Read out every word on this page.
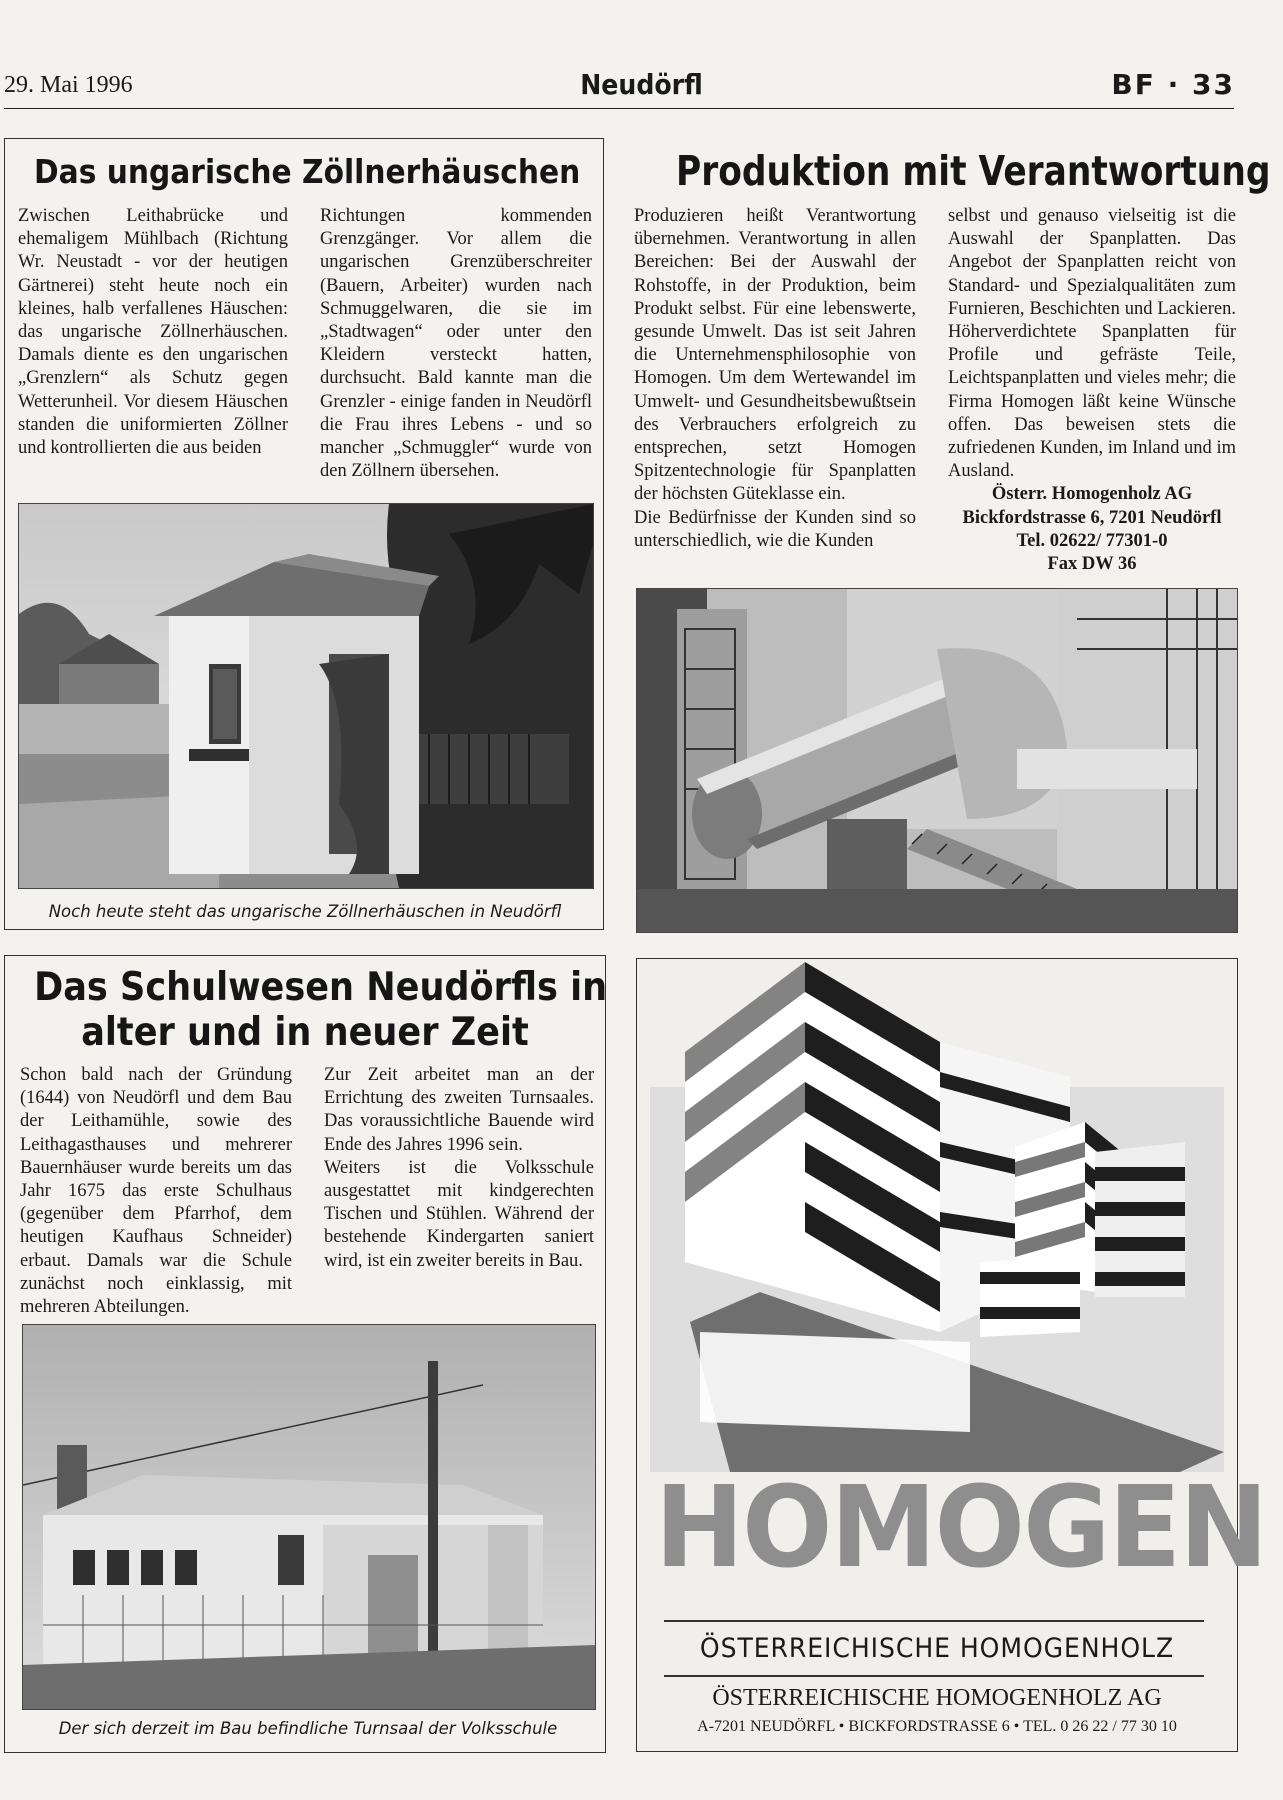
29. Mai 1996	Neudörfl	BF · 33
Das ungarische Zöllnerhäuschen

Zwischen Leithabrücke und ehemaligem Mühlbach (Richtung Wr. Neustadt - vor der heutigen Gärtnerei) steht heute noch ein kleines, halb verfallenes Häuschen: das ungarische Zöllnerhäuschen. Damals diente es den ungarischen „Grenzlern“ als Schutz gegen Wetterunheil. Vor diesem Häuschen standen die uniformierten Zöllner und kontrollierten die aus beiden

Richtungen kommenden Grenzgänger. Vor allem die ungarischen Grenzüberschreiter (Bauern, Arbeiter) wurden nach Schmuggelwaren, die sie im „Stadtwagen“ oder unter den Kleidern versteckt hatten, durchsucht. Bald kannte man die Grenzler - einige fanden in Neudörfl die Frau ihres Lebens - und so mancher „Schmuggler“ wurde von den Zöllnern übersehen.

Noch heute steht das ungarische Zöllnerhäuschen in Neudörfl
Produktion mit Verantwortung

Produzieren heißt Verantwortung übernehmen. Verantwortung in allen Bereichen: Bei der Auswahl der Rohstoffe, in der Produktion, beim Produkt selbst. Für eine lebenswerte, gesunde Umwelt. Das ist seit Jahren die Unternehmensphilosophie von Homogen. Um dem Wertewandel im Umwelt- und Gesundheitsbewußtsein des Verbrauchers erfolgreich zu entsprechen, setzt Homogen Spitzentechnologie für Spanplatten der höchsten Güteklasse ein.

Die Bedürfnisse der Kunden sind so unterschiedlich, wie die Kunden

selbst und genauso vielseitig ist die Auswahl der Spanplatten. Das Angebot der Spanplatten reicht von Standard- und Spezialqualitäten zum Furnieren, Beschichten und Lackieren. Höherverdichtete Spanplatten für Profile und gefräste Teile, Leichtspanplatten und vieles mehr; die Firma Homogen läßt keine Wünsche offen. Das beweisen stets die zufriedenen Kunden, im Inland und im Ausland.

Österr. Homogenholz AG
Bickfordstrasse 6, 7201 Neudörfl
Tel. 02622/ 77301-0
Fax DW 36
Das Schulwesen Neudörfls in
alter und in neuer Zeit

Schon bald nach der Gründung (1644) von Neudörfl und dem Bau der Leithamühle, sowie des Leithagasthauses und mehrerer Bauernhäuser wurde bereits um das Jahr 1675 das erste Schulhaus (gegenüber dem Pfarrhof, dem heutigen Kaufhaus Schneider) erbaut. Damals war die Schule zunächst noch einklassig, mit mehreren Abteilungen.

Zur Zeit arbeitet man an der Errichtung des zweiten Turnsaales. Das voraussichtliche Bauende wird Ende des Jahres 1996 sein.

Weiters ist die Volksschule ausgestattet mit kindgerechten Tischen und Stühlen. Während der bestehende Kindergarten saniert wird, ist ein zweiter bereits in Bau.

Der sich derzeit im Bau befindliche Turnsaal der Volksschule
HOMOGEN
ÖSTERREICHISCHE HOMOGENHOLZ
ÖSTERREICHISCHE HOMOGENHOLZ AG
A-7201 NEUDÖRFL • BICKFORDSTRASSE 6 • TEL. 0 26 22 / 77 30 10
